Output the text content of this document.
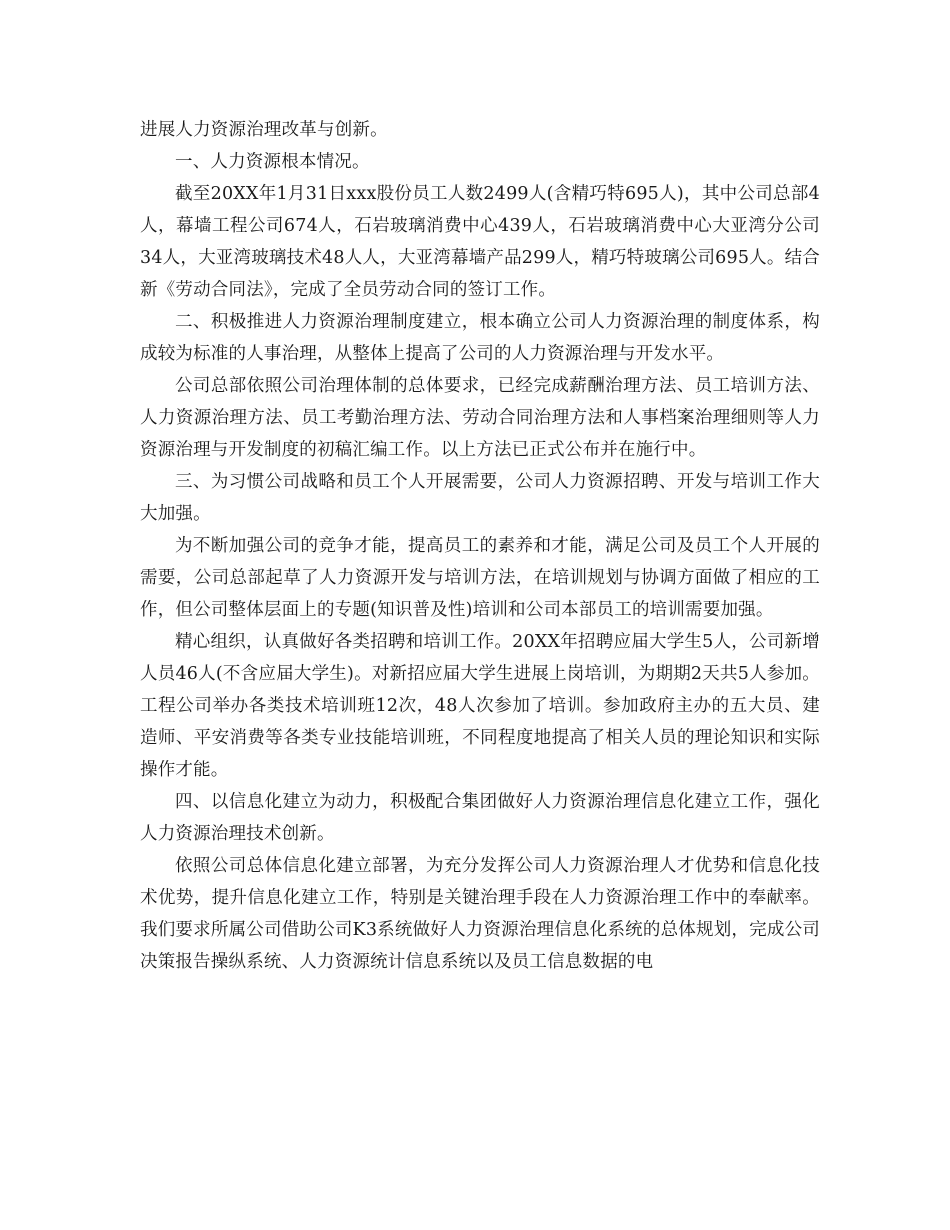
进展人力资源治理改革与创新。

一、人力资源根本情况。

截至20XX年1月31日xxx股份员工人数2499人(含精巧特695人)，其中公司总部4人，幕墙工程公司674人，石岩玻璃消费中心439人，石岩玻璃消费中心大亚湾分公司34人，大亚湾玻璃技术48人人，大亚湾幕墙产品299人，精巧特玻璃公司695人。结合新《劳动合同法》，完成了全员劳动合同的签订工作。

二、积极推进人力资源治理制度建立，根本确立公司人力资源治理的制度体系，构成较为标准的人事治理，从整体上提高了公司的人力资源治理与开发水平。

公司总部依照公司治理体制的总体要求，已经完成薪酬治理方法、员工培训方法、人力资源治理方法、员工考勤治理方法、劳动合同治理方法和人事档案治理细则等人力资源治理与开发制度的初稿汇编工作。以上方法已正式公布并在施行中。

三、为习惯公司战略和员工个人开展需要，公司人力资源招聘、开发与培训工作大大加强。

为不断加强公司的竞争才能，提高员工的素养和才能，满足公司及员工个人开展的需要，公司总部起草了人力资源开发与培训方法，在培训规划与协调方面做了相应的工作，但公司整体层面上的专题(知识普及性)培训和公司本部员工的培训需要加强。

精心组织，认真做好各类招聘和培训工作。20XX年招聘应届大学生5人，公司新增人员46人(不含应届大学生)。对新招应届大学生进展上岗培训，为期期2天共5人参加。工程公司举办各类技术培训班12次，48人次参加了培训。参加政府主办的五大员、建造师、平安消费等各类专业技能培训班，不同程度地提高了相关人员的理论知识和实际操作才能。

四、以信息化建立为动力，积极配合集团做好人力资源治理信息化建立工作，强化人力资源治理技术创新。

依照公司总体信息化建立部署，为充分发挥公司人力资源治理人才优势和信息化技术优势，提升信息化建立工作，特别是关键治理手段在人力资源治理工作中的奉献率。我们要求所属公司借助公司K3系统做好人力资源治理信息化系统的总体规划，完成公司决策报告操纵系统、人力资源统计信息系统以及员工信息数据的电
